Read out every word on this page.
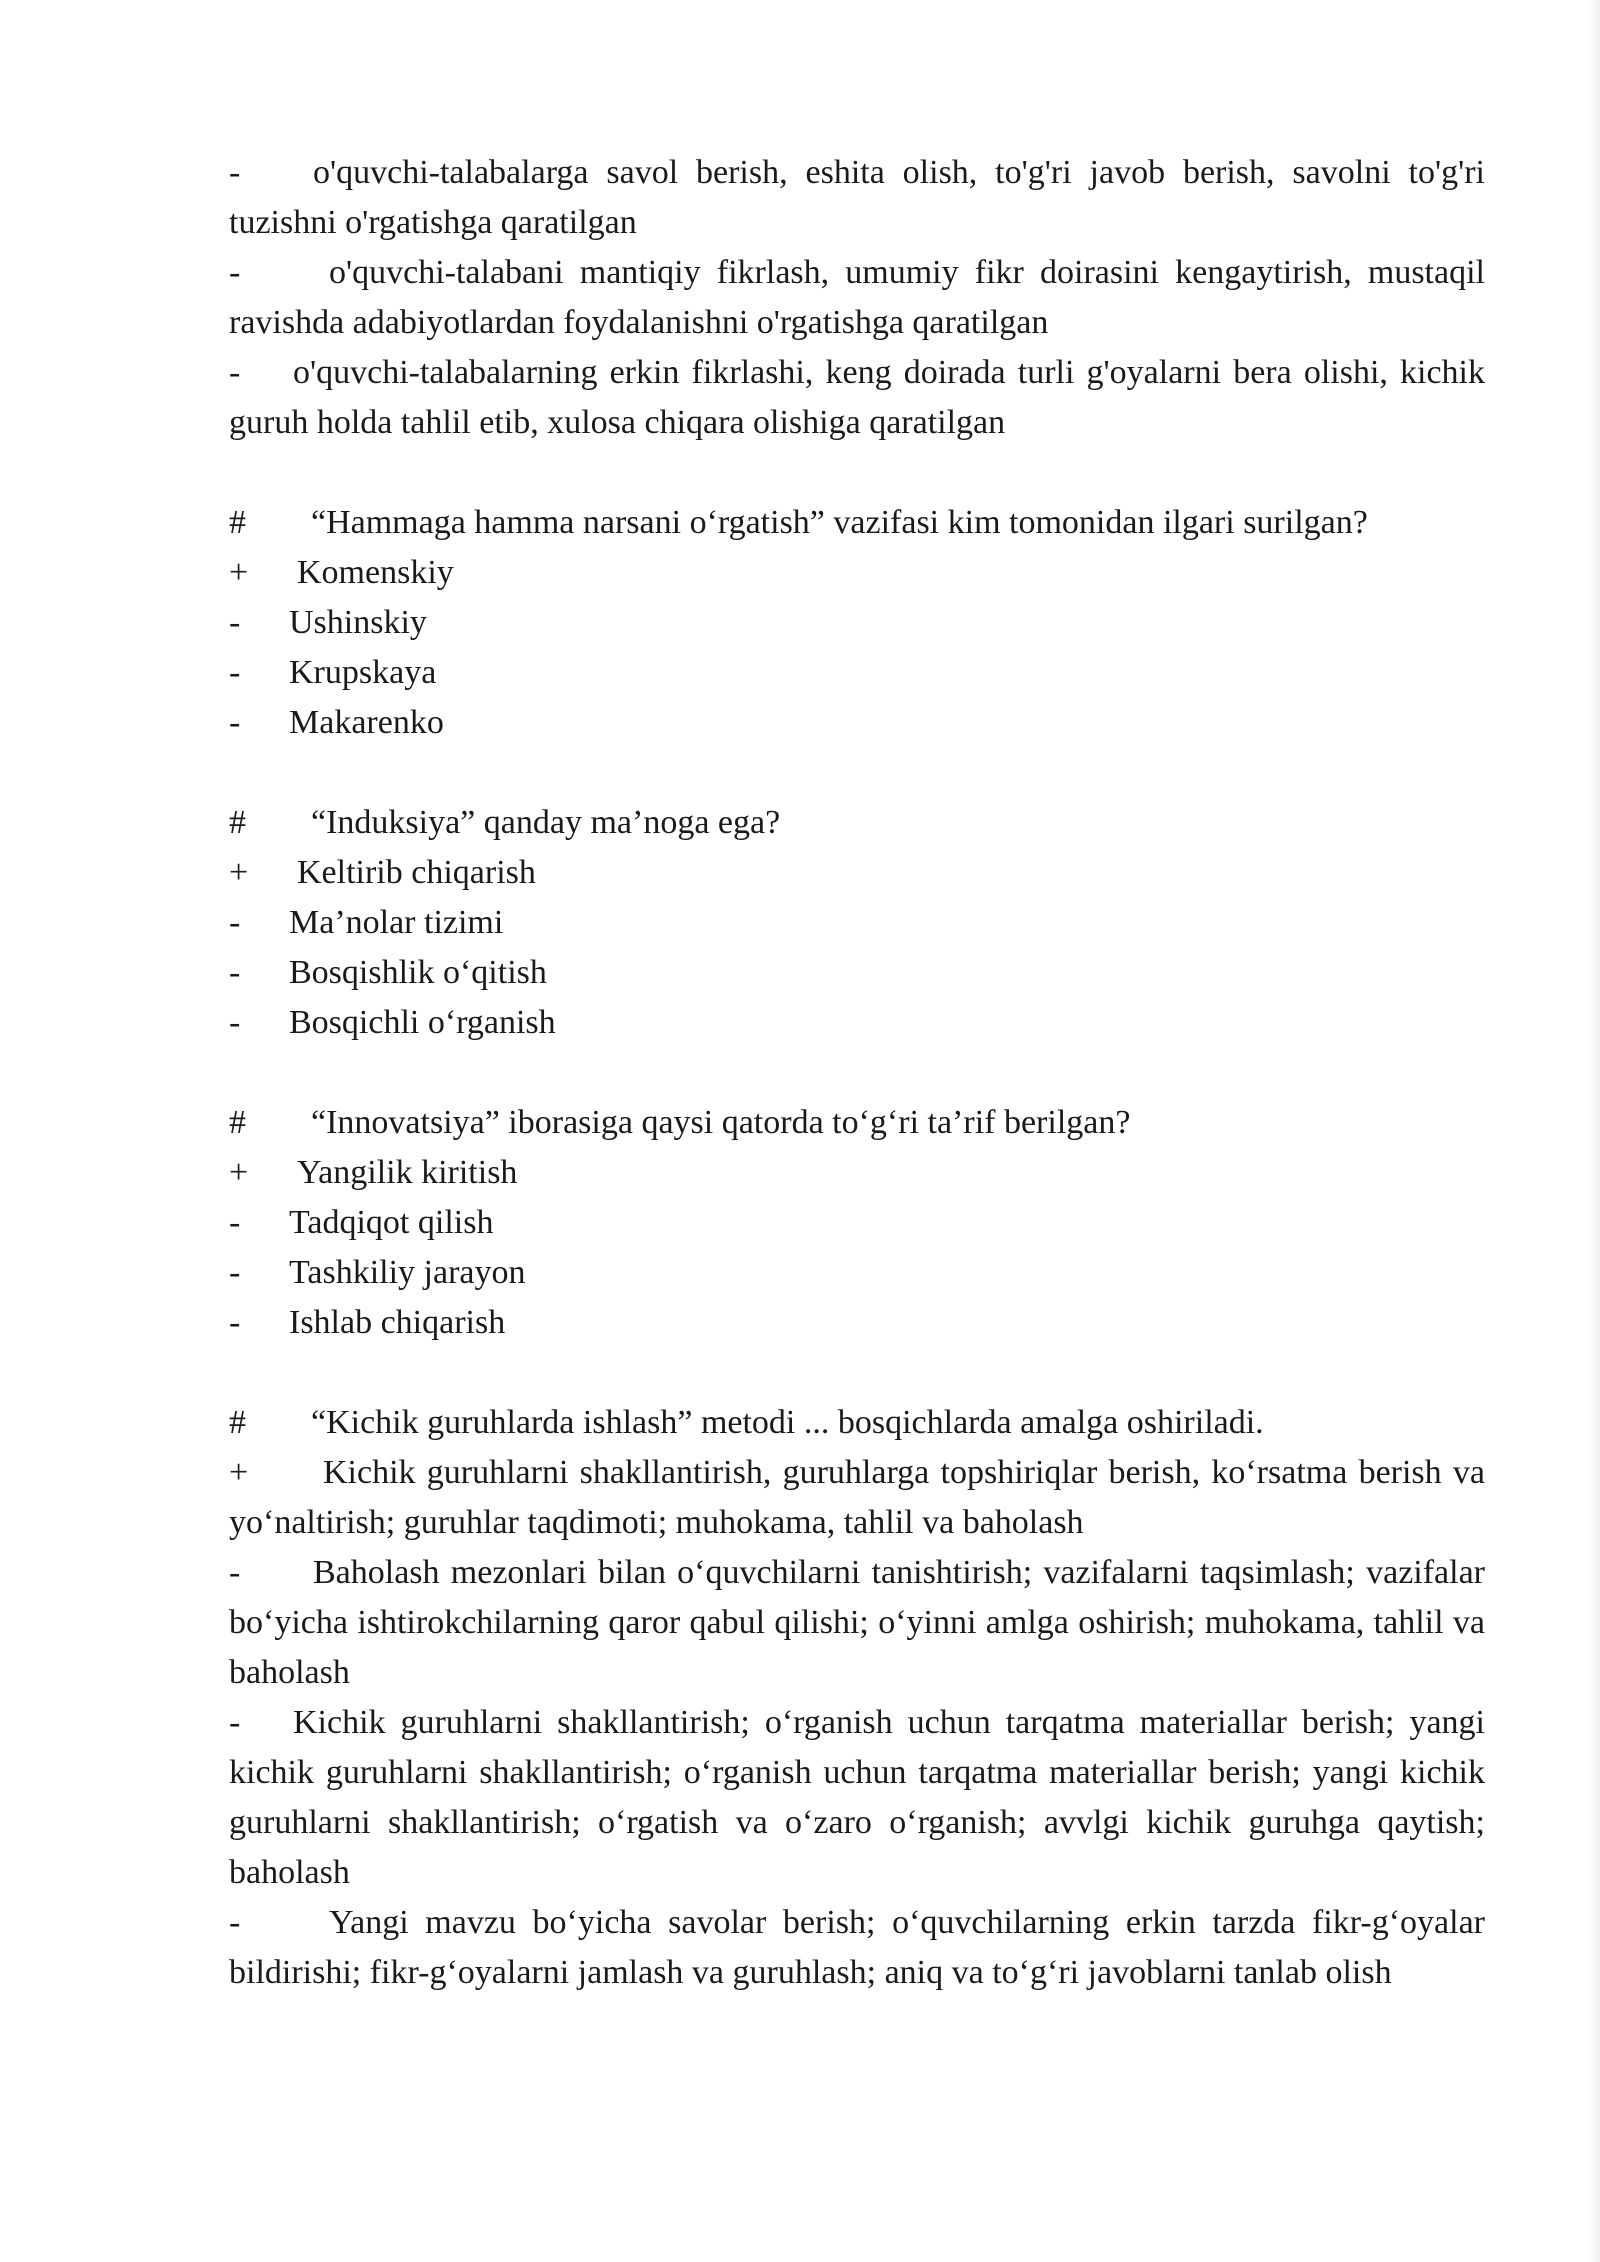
- o'quvchi-talabalarga savol berish, eshita olish, to'g'ri javob berish, savolni to'g'ri tuzishni o'rgatishga qaratilgan

-	o'quvchi-talabani mantiqiy fikrlash, umumiy fikr doirasini kengaytirish, mustaqil ravishda adabiyotlardan foydalanishni o'rgatishga qaratilgan

- o'quvchi-talabalarning erkin fikrlashi, keng doirada turli g'oyalarni bera olishi, kichik guruh holda tahlil etib, xulosa chiqara olishiga qaratilgan

# “Hammaga hamma narsani o‘rgatish” vazifasi kim tomonidan ilgari surilgan?

+ Komenskiy

- Ushinskiy

- Krupskaya

- Makarenko

# “Induksiya” qanday ma’noga ega?

+ Keltirib chiqarish

- Ma’nolar tizimi

- Bosqishlik o‘qitish

- Bosqichli o‘rganish

# “Innovatsiya” iborasiga qaysi qatorda to‘g‘ri ta’rif berilgan?

+ Yangilik kiritish

- Tadqiqot qilish

- Tashkiliy jarayon

- Ishlab chiqarish

# “Kichik guruhlarda ishlash” metodi ... bosqichlarda amalga oshiriladi.

+ Kichik guruhlarni shakllantirish, guruhlarga topshiriqlar berish, ko‘rsatma berish va yo‘naltirish; guruhlar taqdimoti; muhokama, tahlil va baholash

- Baholash mezonlari bilan o‘quvchilarni tanishtirish; vazifalarni taqsimlash; vazifalar bo‘yicha ishtirokchilarning qaror qabul qilishi; o‘yinni amlga oshirish; muhokama, tahlil va baholash

- Kichik guruhlarni shakllantirish; o‘rganish uchun tarqatma materiallar berish; yangi kichik guruhlarni shakllantirish; o‘rganish uchun tarqatma materiallar berish; yangi kichik guruhlarni shakllantirish; o‘rgatish va o‘zaro o‘rganish; avvlgi kichik guruhga qaytish; baholash

-	Yangi mavzu bo‘yicha savolar berish; o‘quvchilarning erkin tarzda fikr-g‘oyalar bildirishi; fikr-g‘oyalarni jamlash va guruhlash; aniq va to‘g‘ri javoblarni tanlab olish
